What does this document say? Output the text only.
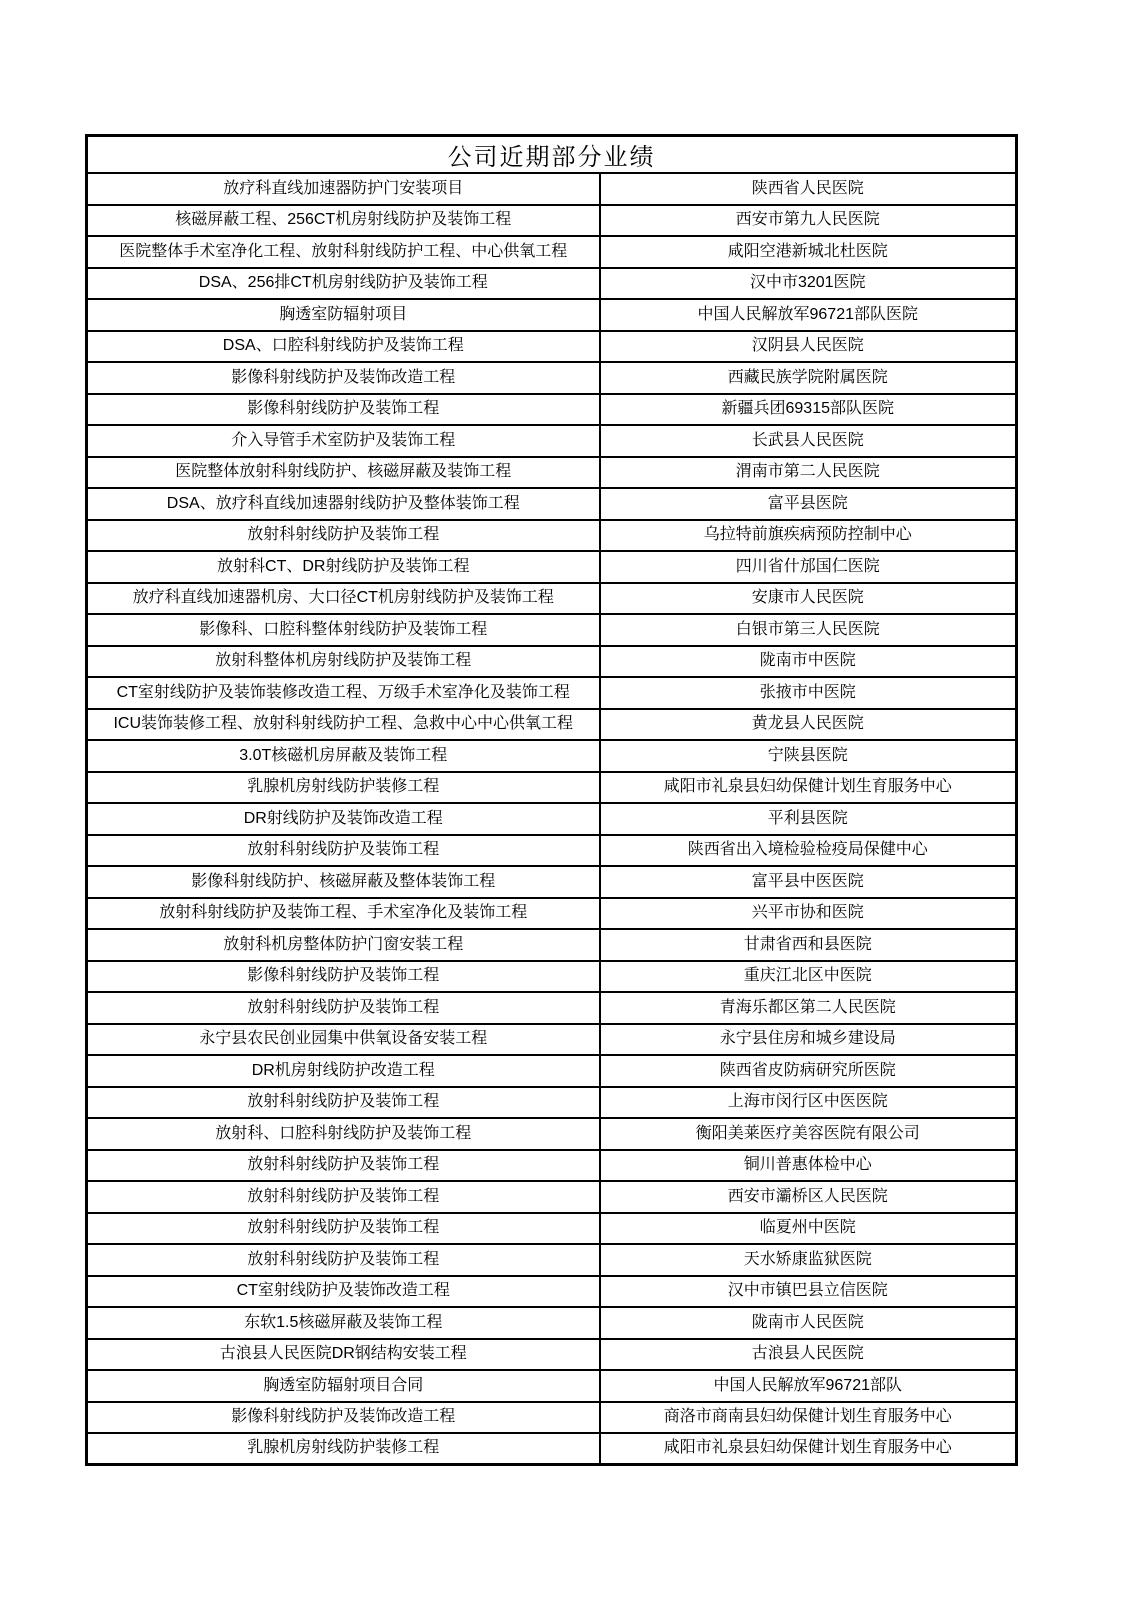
公司近期部分业绩	
放疗科直线加速器防护门安装项目	陕西省人民医院
核磁屏蔽工程、256CT机房射线防护及装饰工程	西安市第九人民医院
医院整体手术室净化工程、放射科射线防护工程、中心供氧工程	咸阳空港新城北杜医院
DSA、256排CT机房射线防护及装饰工程	汉中市3201医院
胸透室防辐射项目	中国人民解放军96721部队医院
DSA、口腔科射线防护及装饰工程	汉阴县人民医院
影像科射线防护及装饰改造工程	西藏民族学院附属医院
影像科射线防护及装饰工程	新疆兵团69315部队医院
介入导管手术室防护及装饰工程	长武县人民医院
医院整体放射科射线防护、核磁屏蔽及装饰工程	渭南市第二人民医院
DSA、放疗科直线加速器射线防护及整体装饰工程	富平县医院
放射科射线防护及装饰工程	乌拉特前旗疾病预防控制中心
放射科CT、DR射线防护及装饰工程	四川省什邡国仁医院
放疗科直线加速器机房、大口径CT机房射线防护及装饰工程	安康市人民医院
影像科、口腔科整体射线防护及装饰工程	白银市第三人民医院
放射科整体机房射线防护及装饰工程	陇南市中医院
CT室射线防护及装饰装修改造工程、万级手术室净化及装饰工程	张掖市中医院
ICU装饰装修工程、放射科射线防护工程、急救中心中心供氧工程	黄龙县人民医院
3.0T核磁机房屏蔽及装饰工程	宁陕县医院
乳腺机房射线防护装修工程	咸阳市礼泉县妇幼保健计划生育服务中心
DR射线防护及装饰改造工程	平利县医院
放射科射线防护及装饰工程	陕西省出入境检验检疫局保健中心
影像科射线防护、核磁屏蔽及整体装饰工程	富平县中医医院
放射科射线防护及装饰工程、手术室净化及装饰工程	兴平市协和医院
放射科机房整体防护门窗安装工程	甘肃省西和县医院
影像科射线防护及装饰工程	重庆江北区中医院
放射科射线防护及装饰工程	青海乐都区第二人民医院
永宁县农民创业园集中供氧设备安装工程	永宁县住房和城乡建设局
DR机房射线防护改造工程	陕西省皮防病研究所医院
放射科射线防护及装饰工程	上海市闵行区中医医院
放射科、口腔科射线防护及装饰工程	衡阳美莱医疗美容医院有限公司
放射科射线防护及装饰工程	铜川普惠体检中心
放射科射线防护及装饰工程	西安市灞桥区人民医院
放射科射线防护及装饰工程	临夏州中医院
放射科射线防护及装饰工程	天水矫康监狱医院
CT室射线防护及装饰改造工程	汉中市镇巴县立信医院
东软1.5核磁屏蔽及装饰工程	陇南市人民医院
古浪县人民医院DR钢结构安装工程	古浪县人民医院
胸透室防辐射项目合同	中国人民解放军96721部队
影像科射线防护及装饰改造工程	商洛市商南县妇幼保健计划生育服务中心
乳腺机房射线防护装修工程	咸阳市礼泉县妇幼保健计划生育服务中心
